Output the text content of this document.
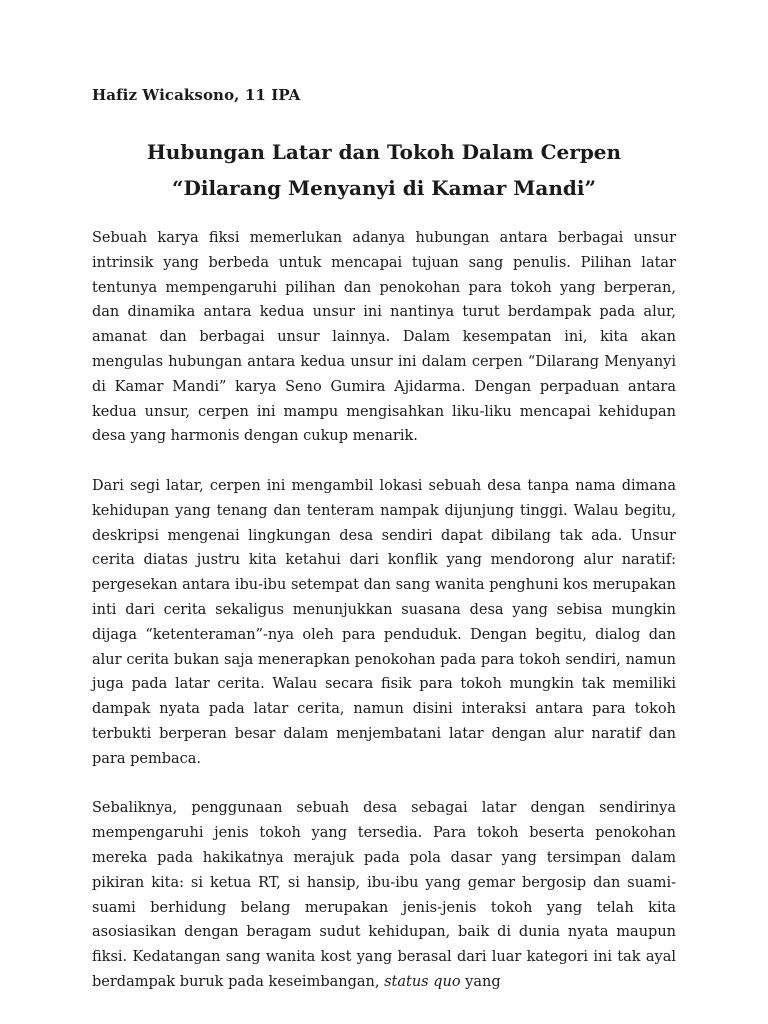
Hafiz Wicaksono, 11 IPA
Hubungan Latar dan Tokoh Dalam Cerpen “Dilarang Menyanyi di Kamar Mandi”

Sebuah karya fiksi memerlukan adanya hubungan antara berbagai unsur intrinsik yang berbeda untuk mencapai tujuan sang penulis. Pilihan latar tentunya mempengaruhi pilihan dan penokohan para tokoh yang berperan, dan dinamika antara kedua unsur ini nantinya turut berdampak pada alur, amanat dan berbagai unsur lainnya. Dalam kesempatan ini, kita akan mengulas hubungan antara kedua unsur ini dalam cerpen “Dilarang Menyanyi di Kamar Mandi” karya Seno Gumira Ajidarma. Dengan perpaduan antara kedua unsur, cerpen ini mampu mengisahkan liku-liku mencapai kehidupan desa yang harmonis dengan cukup menarik.

Dari segi latar, cerpen ini mengambil lokasi sebuah desa tanpa nama dimana kehidupan yang tenang dan tenteram nampak dijunjung tinggi. Walau begitu, deskripsi mengenai lingkungan desa sendiri dapat dibilang tak ada. Unsur cerita diatas justru kita ketahui dari konflik yang mendorong alur naratif: pergesekan antara ibu-ibu setempat dan sang wanita penghuni kos merupakan inti dari cerita sekaligus menunjukkan suasana desa yang sebisa mungkin dijaga “ketenteraman”-nya oleh para penduduk. Dengan begitu, dialog dan alur cerita bukan saja menerapkan penokohan pada para tokoh sendiri, namun juga pada latar cerita. Walau secara fisik para tokoh mungkin tak memiliki dampak nyata pada latar cerita, namun disini interaksi antara para tokoh terbukti berperan besar dalam menjembatani latar dengan alur naratif dan para pembaca.

Sebaliknya, penggunaan sebuah desa sebagai latar dengan sendirinya mempengaruhi jenis tokoh yang tersedia. Para tokoh beserta penokohan mereka pada hakikatnya merajuk pada pola dasar yang tersimpan dalam pikiran kita: si ketua RT, si hansip, ibu-ibu yang gemar bergosip dan suami-suami berhidung belang merupakan jenis-jenis tokoh yang telah kita asosiasikan dengan beragam sudut kehidupan, baik di dunia nyata maupun fiksi. Kedatangan sang wanita kost yang berasal dari luar kategori ini tak ayal berdampak buruk pada keseimbangan, status quo yang
